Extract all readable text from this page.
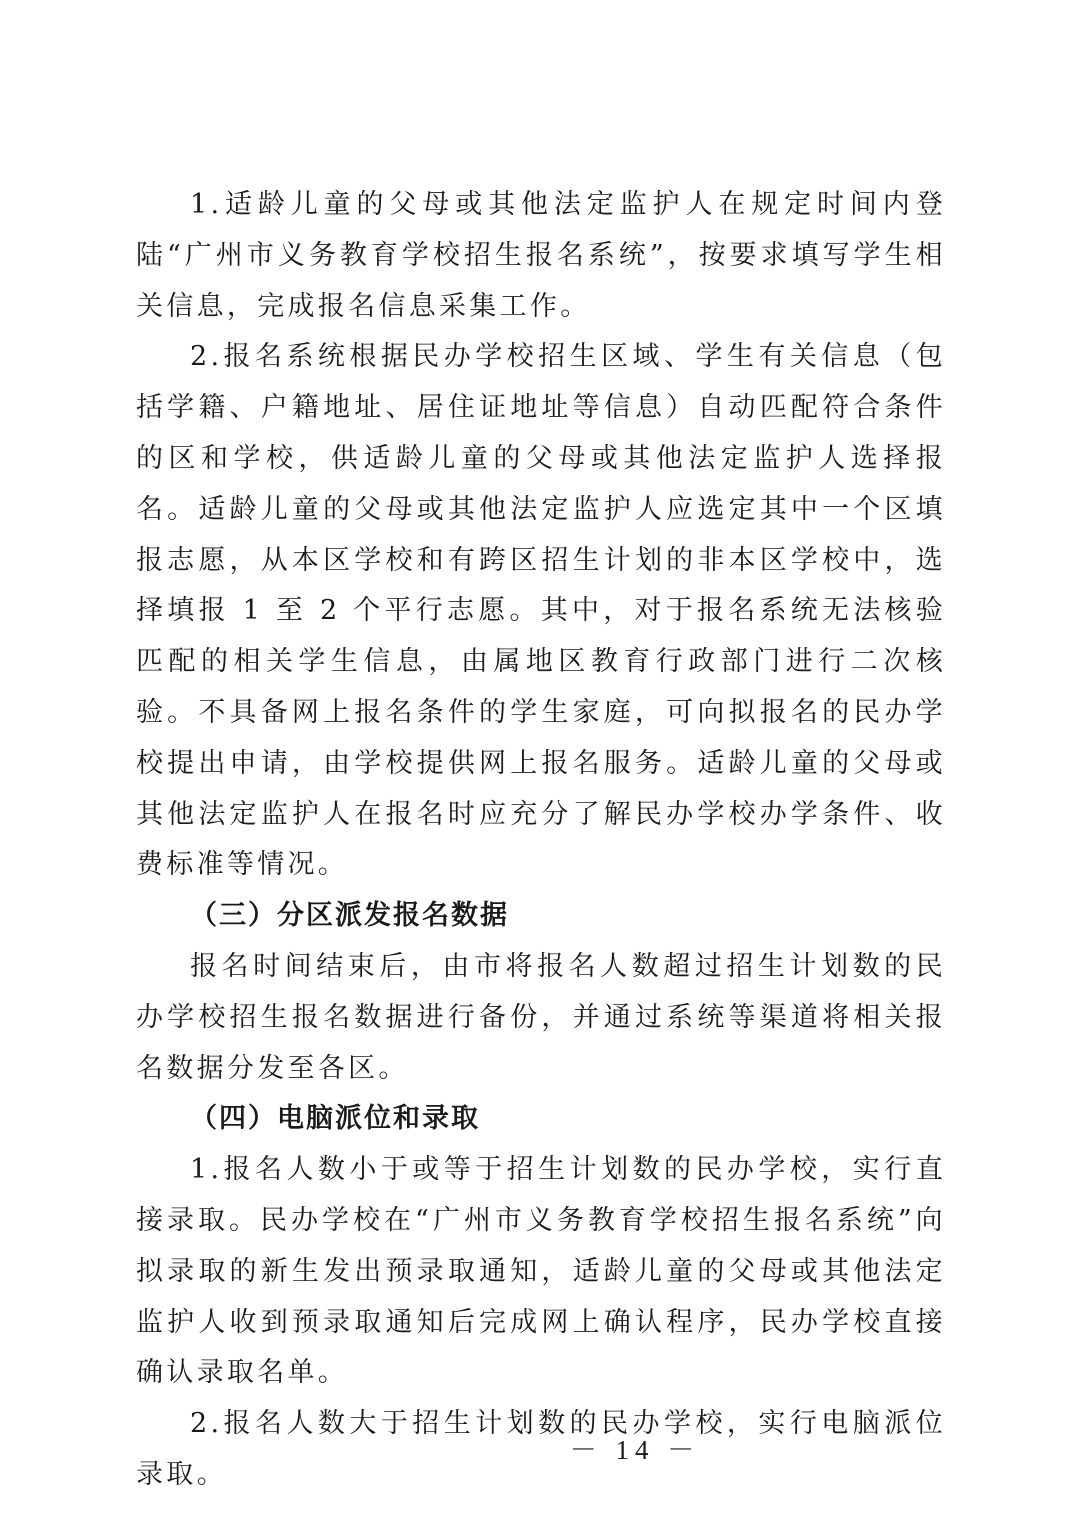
1.适龄儿童的父母或其他法定监护人在规定时间内登陆“广州市义务教育学校招生报名系统”，按要求填写学生相关信息，完成报名信息采集工作。

2.报名系统根据民办学校招生区域、学生有关信息（包括学籍、户籍地址、居住证地址等信息）自动匹配符合条件的区和学校，供适龄儿童的父母或其他法定监护人选择报名。适龄儿童的父母或其他法定监护人应选定其中一个区填报志愿，从本区学校和有跨区招生计划的非本区学校中，选择填报 1 至 2 个平行志愿。其中，对于报名系统无法核验匹配的相关学生信息，由属地区教育行政部门进行二次核验。不具备网上报名条件的学生家庭，可向拟报名的民办学校提出申请，由学校提供网上报名服务。适龄儿童的父母或其他法定监护人在报名时应充分了解民办学校办学条件、收费标准等情况。

（三）分区派发报名数据

报名时间结束后，由市将报名人数超过招生计划数的民办学校招生报名数据进行备份，并通过系统等渠道将相关报名数据分发至各区。

（四）电脑派位和录取

1.报名人数小于或等于招生计划数的民办学校，实行直接录取。民办学校在“广州市义务教育学校招生报名系统”向拟录取的新生发出预录取通知，适龄儿童的父母或其他法定监护人收到预录取通知后完成网上确认程序，民办学校直接确认录取名单。

2.报名人数大于招生计划数的民办学校，实行电脑派位录取。

－ 14 －
